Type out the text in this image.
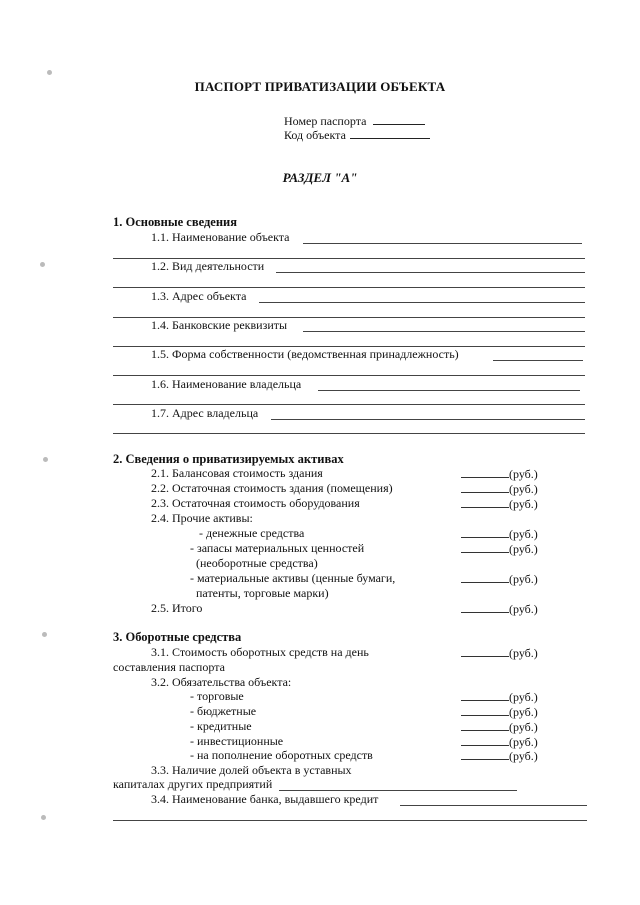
ПАСПОРТ ПРИВАТИЗАЦИИ ОБЪЕКТА
Номер паспорта
Код объекта
РАЗДЕЛ "А"
1. Основные сведения
1.1. Наименование объекта
1.2. Вид деятельности
1.3. Адрес объекта
1.4. Банковские реквизиты
1.5. Форма собственности (ведомственная принадлежность)
1.6. Наименование владельца
1.7. Адрес владельца
2. Сведения о приватизируемых активах
2.1. Балансовая стоимость здания	(руб.)
2.2. Остаточная стоимость здания (помещения)	(руб.)
2.3. Остаточная стоимость оборудования	(руб.)
2.4. Прочие активы:
- денежные средства	(руб.)
- запасы материальных ценностей	(руб.)
(необоротные средства)
- материальные активы (ценные бумаги,	(руб.)
патенты, торговые марки)
2.5. Итого	(руб.)
3. Оборотные средства
3.1. Стоимость оборотных средств на день	(руб.)
составления паспорта
3.2. Обязательства объекта:
- торговые	(руб.)
- бюджетные	(руб.)
- кредитные	(руб.)
- инвестиционные	(руб.)
- на пополнение оборотных средств	(руб.)
3.3. Наличие долей объекта в уставных
капиталах других предприятий
3.4. Наименование банка, выдавшего кредит
